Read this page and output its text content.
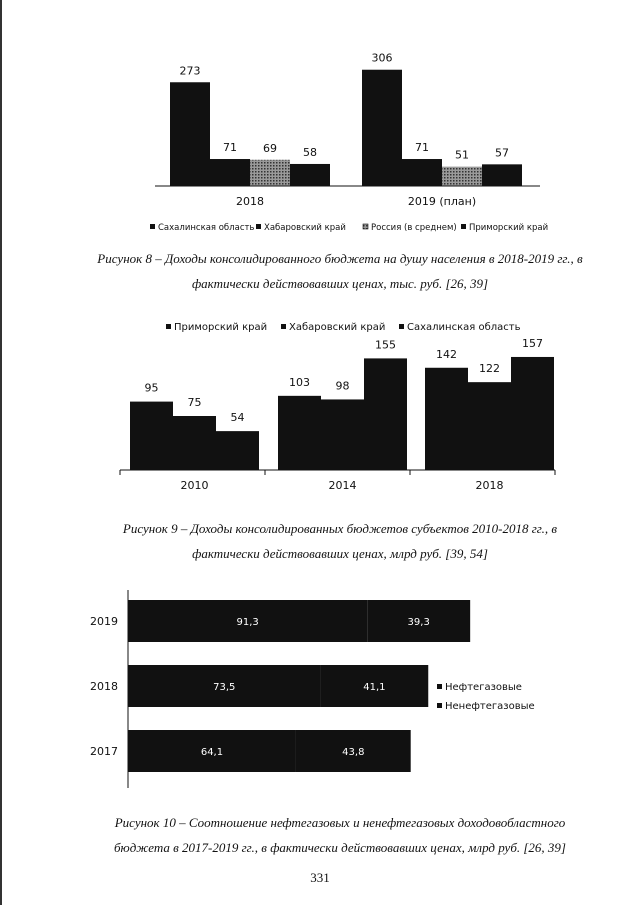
273
71 69 58
306
71
51 57
2018	2019 (план)
Сахалинская область Хабаровский край	Россия (в среднем) Приморский край
Рисунок 8 – Доходы консолидированного бюджета на душу населения в 2018-2019 гг., в
фактически действовавших ценах, тыс. руб. [26, 39]
Приморский край Хабаровский край Сахалинская область
95
75
54
103 98
155
142
122
157
2010	2014	2018
Рисунок 9 – Доходы консолидированных бюджетов субъектов 2010-2018 гг., в
фактически действовавших ценах, млрд руб. [39, 54]
91,3	39,3
73,5	41,1
64,1	43,8
2019
2018
2017
Нефтегазовые
Ненефтегазовые
Рисунок 10 – Соотношение нефтегазовых и ненефтегазовых доходовобластного
бюджета в 2017-2019 гг., в фактически действовавших ценах, млрд руб. [26, 39]
331
